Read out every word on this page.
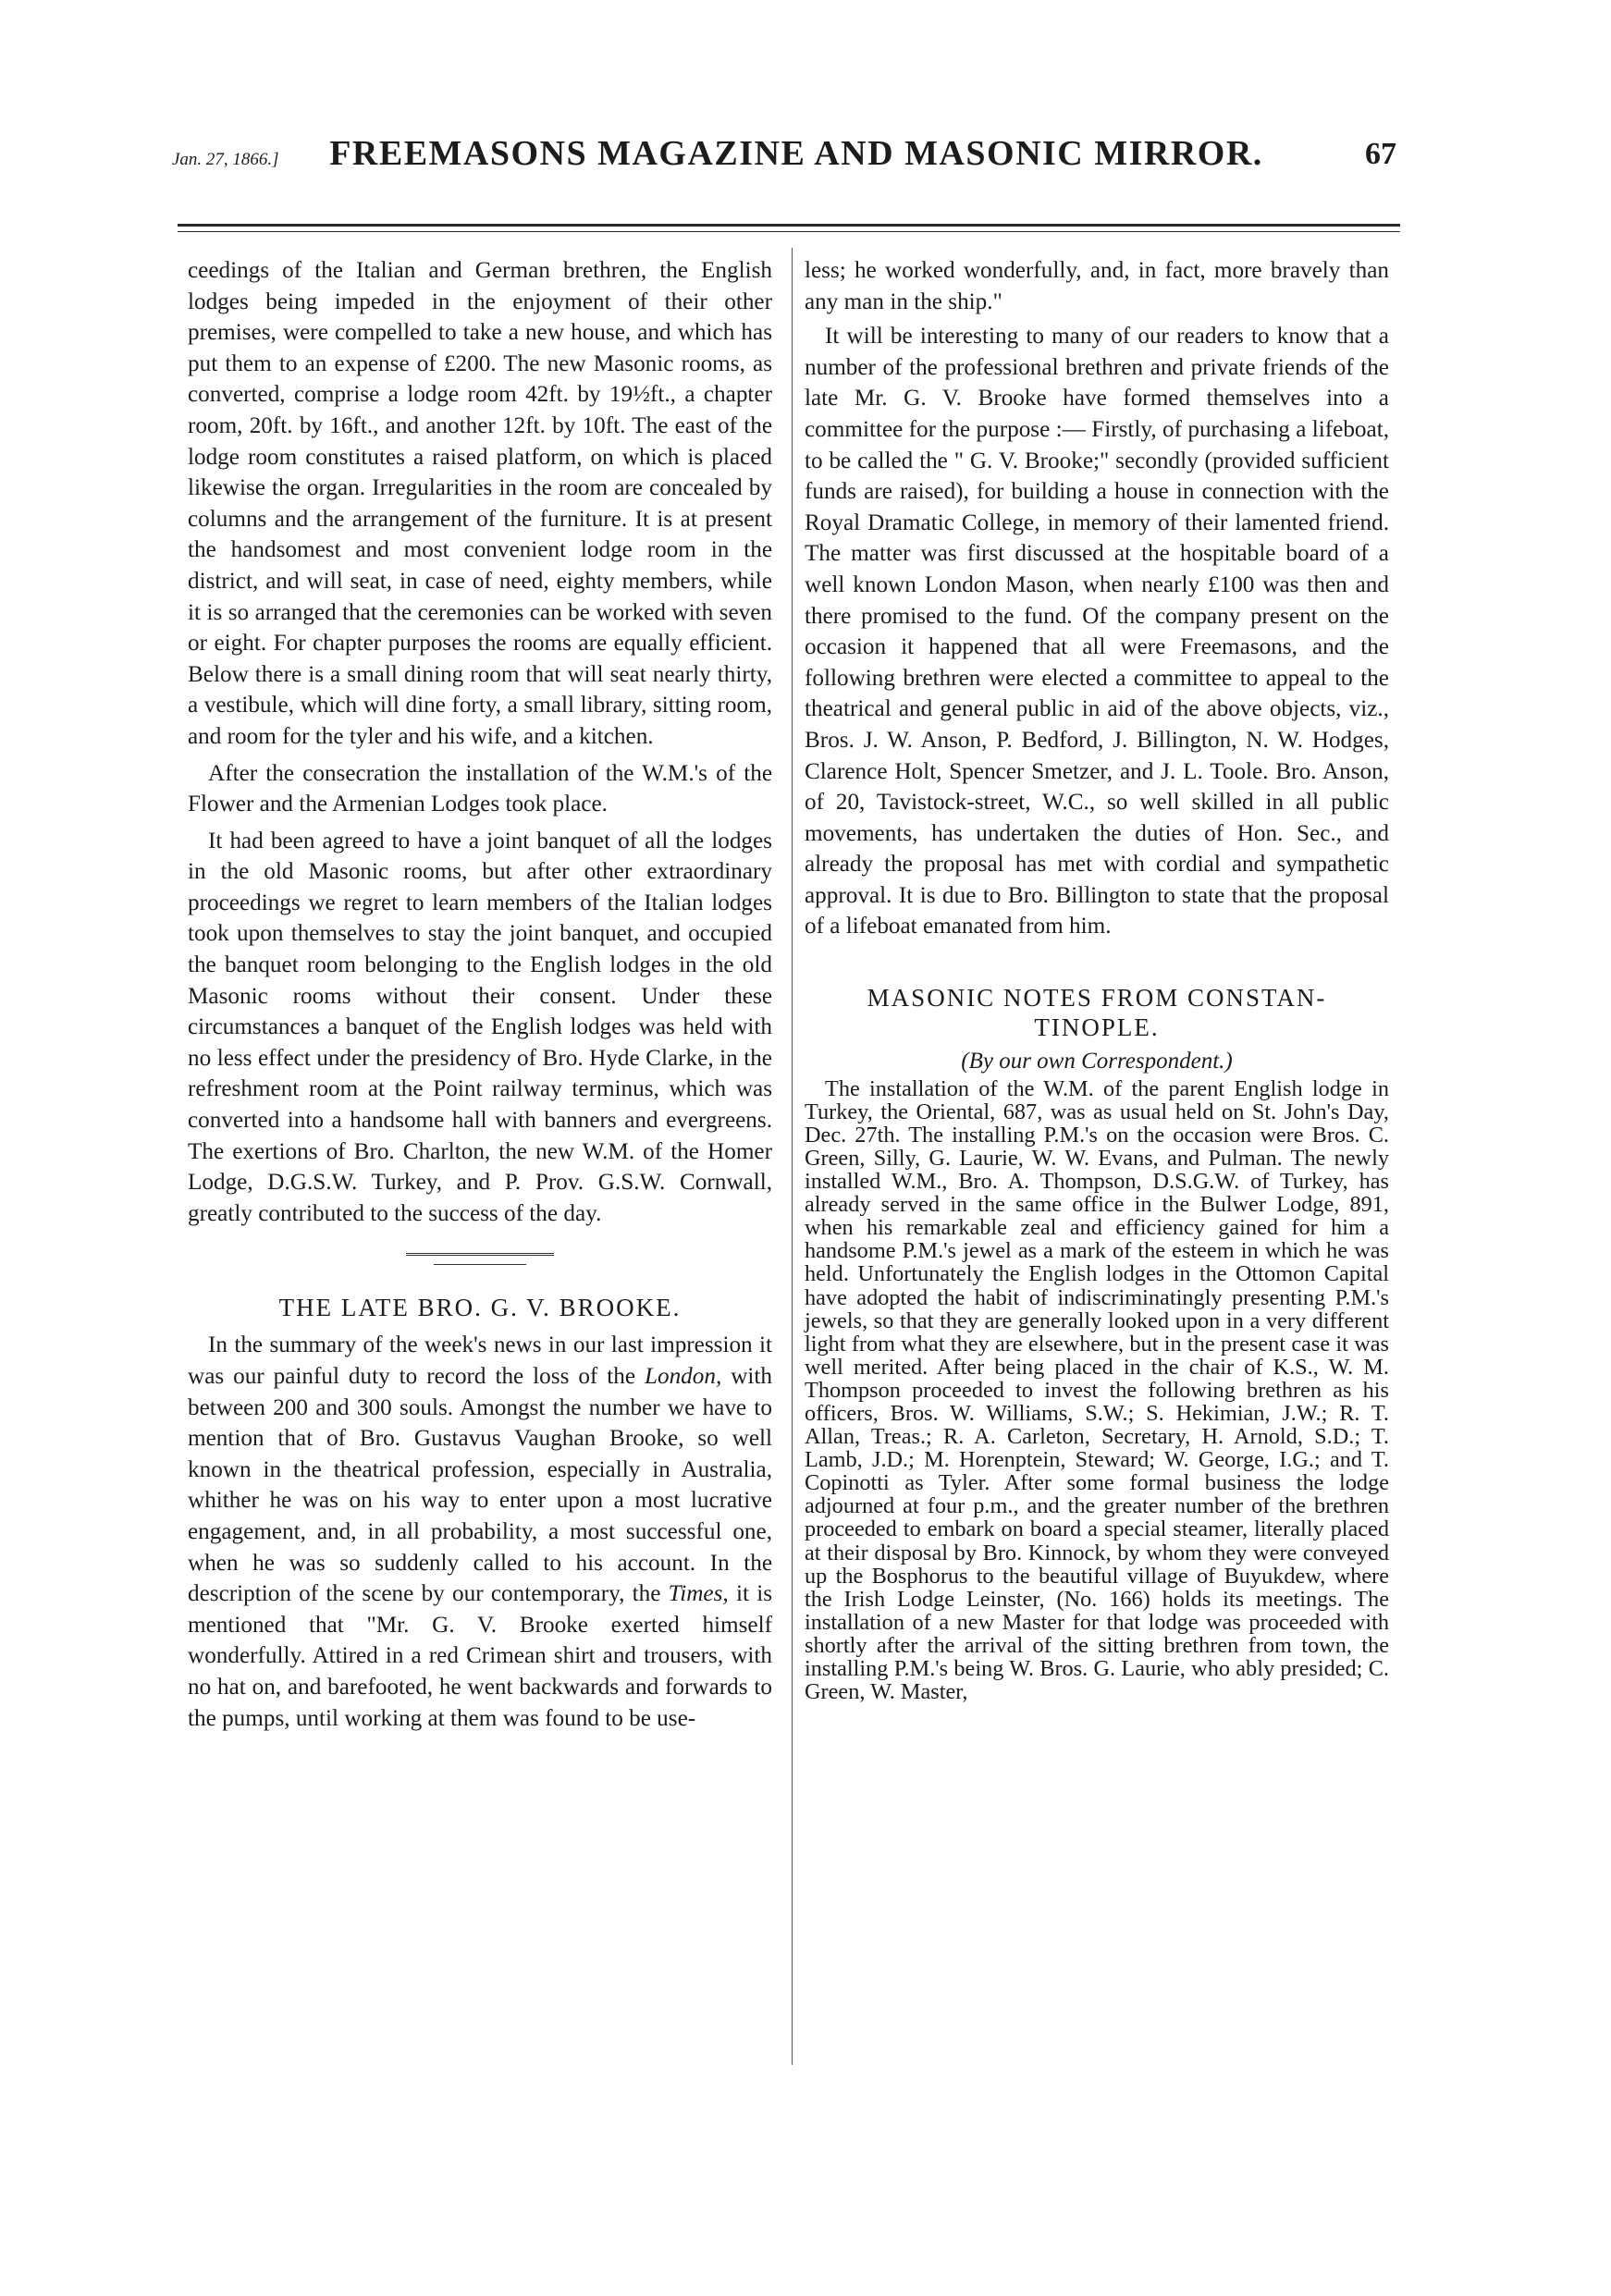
Jan. 27, 1866.]	FREEMASONS MAGAZINE AND MASONIC MIRROR.	67

ceedings of the Italian and German brethren, the English lodges being impeded in the enjoyment of their other premises, were compelled to take a new house, and which has put them to an expense of £200. The new Masonic rooms, as converted, comprise a lodge room 42ft. by 19½ft., a chapter room, 20ft. by 16ft., and another 12ft. by 10ft. The east of the lodge room constitutes a raised platform, on which is placed likewise the organ. Irregularities in the room are concealed by columns and the arrangement of the furniture. It is at present the handsomest and most convenient lodge room in the district, and will seat, in case of need, eighty members, while it is so arranged that the ceremonies can be worked with seven or eight. For chapter purposes the rooms are equally efficient. Below there is a small dining room that will seat nearly thirty, a vestibule, which will dine forty, a small library, sitting room, and room for the tyler and his wife, and a kitchen.

After the consecration the installation of the W.M.'s of the Flower and the Armenian Lodges took place.

It had been agreed to have a joint banquet of all the lodges in the old Masonic rooms, but after other extraordinary proceedings we regret to learn members of the Italian lodges took upon themselves to stay the joint banquet, and occupied the banquet room belonging to the English lodges in the old Masonic rooms without their consent. Under these circumstances a banquet of the English lodges was held with no less effect under the presidency of Bro. Hyde Clarke, in the refreshment room at the Point railway terminus, which was converted into a handsome hall with banners and evergreens. The exertions of Bro. Charlton, the new W.M. of the Homer Lodge, D.G.S.W. Turkey, and P. Prov. G.S.W. Cornwall, greatly contributed to the success of the day.

THE LATE BRO. G. V. BROOKE.

In the summary of the week's news in our last impression it was our painful duty to record the loss of the London, with between 200 and 300 souls. Amongst the number we have to mention that of Bro. Gustavus Vaughan Brooke, so well known in the theatrical profession, especially in Australia, whither he was on his way to enter upon a most lucrative engagement, and, in all probability, a most successful one, when he was so suddenly called to his account. In the description of the scene by our contemporary, the Times, it is mentioned that "Mr. G. V. Brooke exerted himself wonderfully. Attired in a red Crimean shirt and trousers, with no hat on, and barefooted, he went backwards and forwards to the pumps, until working at them was found to be use-

less; he worked wonderfully, and, in fact, more bravely than any man in the ship."

It will be interesting to many of our readers to know that a number of the professional brethren and private friends of the late Mr. G. V. Brooke have formed themselves into a committee for the purpose :— Firstly, of purchasing a lifeboat, to be called the " G. V. Brooke;" secondly (provided sufficient funds are raised), for building a house in connection with the Royal Dramatic College, in memory of their lamented friend. The matter was first discussed at the hospitable board of a well known London Mason, when nearly £100 was then and there promised to the fund. Of the company present on the occasion it happened that all were Freemasons, and the following brethren were elected a committee to appeal to the theatrical and general public in aid of the above objects, viz., Bros. J. W. Anson, P. Bedford, J. Billington, N. W. Hodges, Clarence Holt, Spencer Smetzer, and J. L. Toole. Bro. Anson, of 20, Tavistock-street, W.C., so well skilled in all public movements, has undertaken the duties of Hon. Sec., and already the proposal has met with cordial and sympathetic approval. It is due to Bro. Billington to state that the proposal of a lifeboat emanated from him.

MASONIC NOTES FROM CONSTAN-
TINOPLE.

(By our own Correspondent.)

The installation of the W.M. of the parent English lodge in Turkey, the Oriental, 687, was as usual held on St. John's Day, Dec. 27th. The installing P.M.'s on the occasion were Bros. C. Green, Silly, G. Laurie, W. W. Evans, and Pulman. The newly installed W.M., Bro. A. Thompson, D.S.G.W. of Turkey, has already served in the same office in the Bulwer Lodge, 891, when his remarkable zeal and efficiency gained for him a handsome P.M.'s jewel as a mark of the esteem in which he was held. Unfortunately the English lodges in the Ottomon Capital have adopted the habit of indiscriminatingly presenting P.M.'s jewels, so that they are generally looked upon in a very different light from what they are elsewhere, but in the present case it was well merited. After being placed in the chair of K.S., W. M. Thompson proceeded to invest the following brethren as his officers, Bros. W. Williams, S.W.; S. Hekimian, J.W.; R. T. Allan, Treas.; R. A. Carleton, Secretary, H. Arnold, S.D.; T. Lamb, J.D.; M. Horenptein, Steward; W. George, I.G.; and T. Copinotti as Tyler. After some formal business the lodge adjourned at four p.m., and the greater number of the brethren proceeded to embark on board a special steamer, literally placed at their disposal by Bro. Kinnock, by whom they were conveyed up the Bosphorus to the beautiful village of Buyukdew, where the Irish Lodge Leinster, (No. 166) holds its meetings. The installation of a new Master for that lodge was proceeded with shortly after the arrival of the sitting brethren from town, the installing P.M.'s being W. Bros. G. Laurie, who ably presided; C. Green, W. Master,
